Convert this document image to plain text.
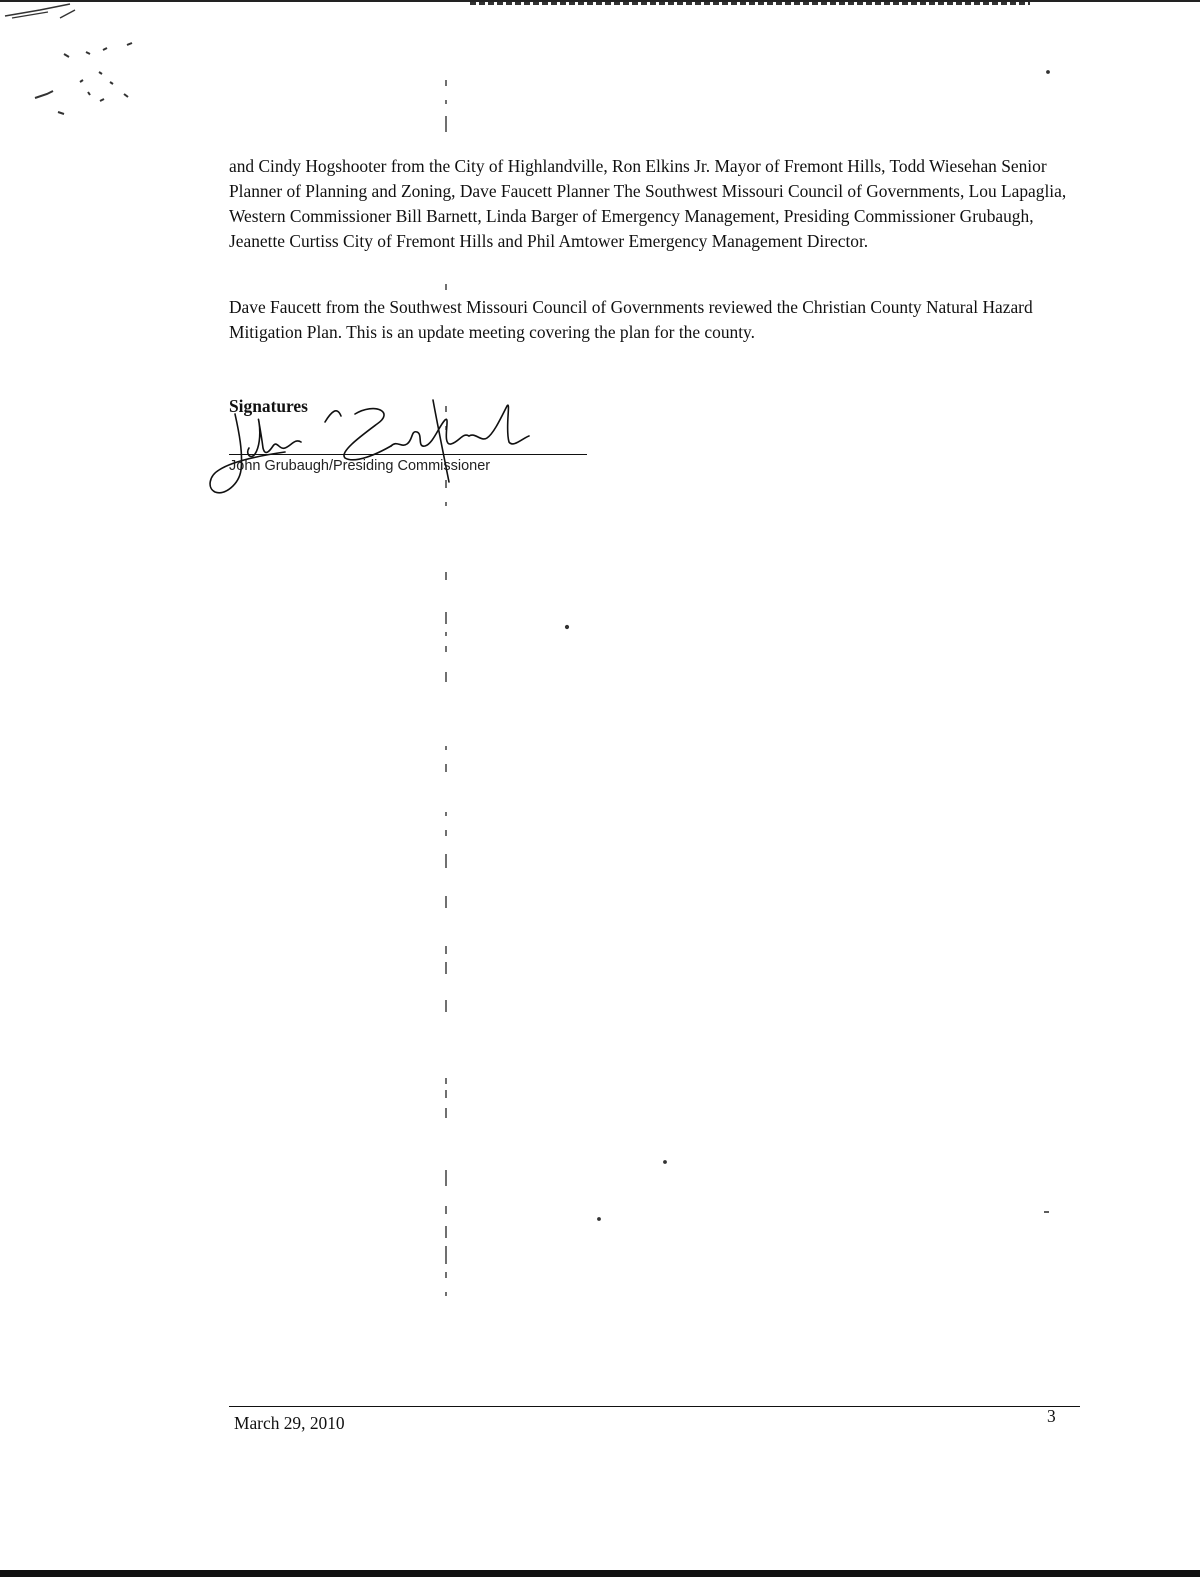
and Cindy Hogshooter from the City of Highlandville, Ron Elkins Jr. Mayor of Fremont Hills, Todd Wiesehan Senior Planner of Planning and Zoning, Dave Faucett Planner The Southwest Missouri Council of Governments, Lou Lapaglia, Western Commissioner Bill Barnett, Linda Barger of Emergency Management, Presiding Commissioner Grubaugh, Jeanette Curtiss City of Fremont Hills and Phil Amtower Emergency Management Director.

Dave Faucett from the Southwest Missouri Council of Governments reviewed the Christian County Natural Hazard Mitigation Plan. This is an update meeting covering the plan for the county.

Signatures

John Grubaugh/Presiding Commissioner
March 29, 2010	3
